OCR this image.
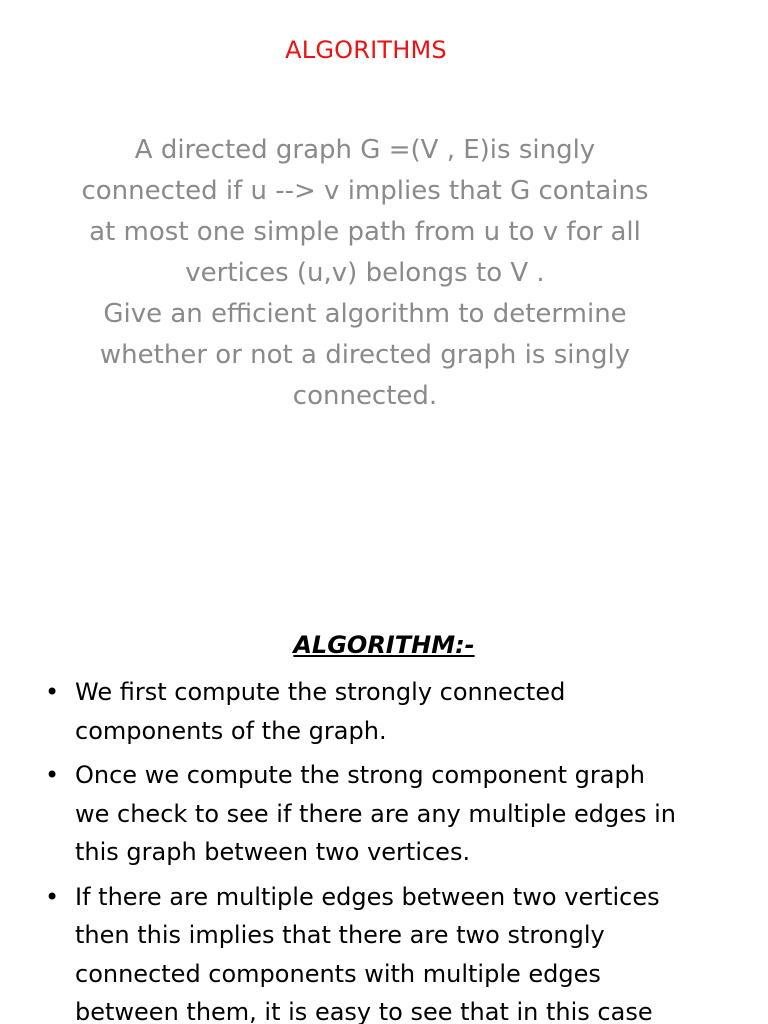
ALGORITHMS

A directed graph G =(V , E)is singly

connected if u --> v implies that G contains

at most one simple path from u to v for all

vertices (u,v) belongs to V .

Give an efficient algorithm to determine

whether or not a directed graph is singly

connected.

ALGORITHM:-
• We first compute the strongly connected
components of the graph.
• Once we compute the strong component graph
we check to see if there are any multiple edges in
this graph between two vertices.
• If there are multiple edges between two vertices
then this implies that there are two strongly
connected components with multiple edges
between them, it is easy to see that in this case
